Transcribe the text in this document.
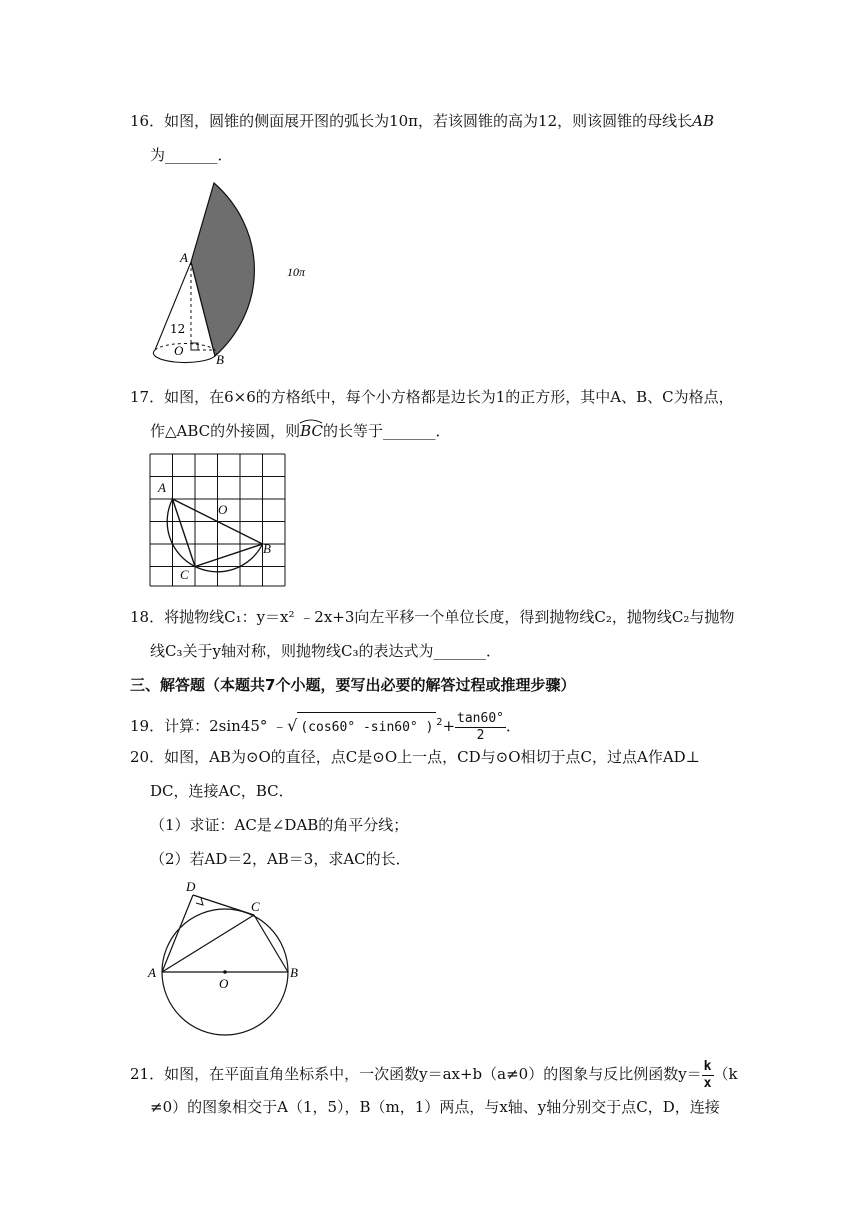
16．如图，圆锥的侧面展开图的弧长为10π，若该圆锥的高为12，则该圆锥的母线长AB
为_______．
A
B
O
12
10π
17．如图，在6×6的方格纸中，每个小方格都是边长为1的正方形，其中A、B、C为格点，
作△ABC的外接圆，则
BC的长等于_______．
A
B
C
O
18．将抛物线C₁：y＝x² ﹣2x+3向左平移一个单位长度，得到抛物线C₂，抛物线C₂与抛物
线C₃关于y轴对称，则抛物线C₃的表达式为_______．
三、解答题（本题共7个小题，要写出必要的解答过程或推理步骤）
19．计算：2sin45° ﹣√ (cos60° -sin60° ) $^2+ \frac{\tan 60^\circ}{2}$ ．
20．如图，AB为⊙O的直径，点C是⊙O上一点，CD与⊙O相切于点C，过点A作AD⊥
DC，连接AC，BC．
（1）求证：AC是∠DAB的角平分线；
（2）若AD＝2，AB＝3，求AC的长．
A	B
C
D
O
21．如图，在平面直角坐标系中，一次函数y＝ax+b（a≠0）的图象与反比例函数$y= \frac{k}{x} (k$
≠0）的图象相交于A（1，5），B（m，1）两点，与x轴、y轴分别交于点C，D，连接
